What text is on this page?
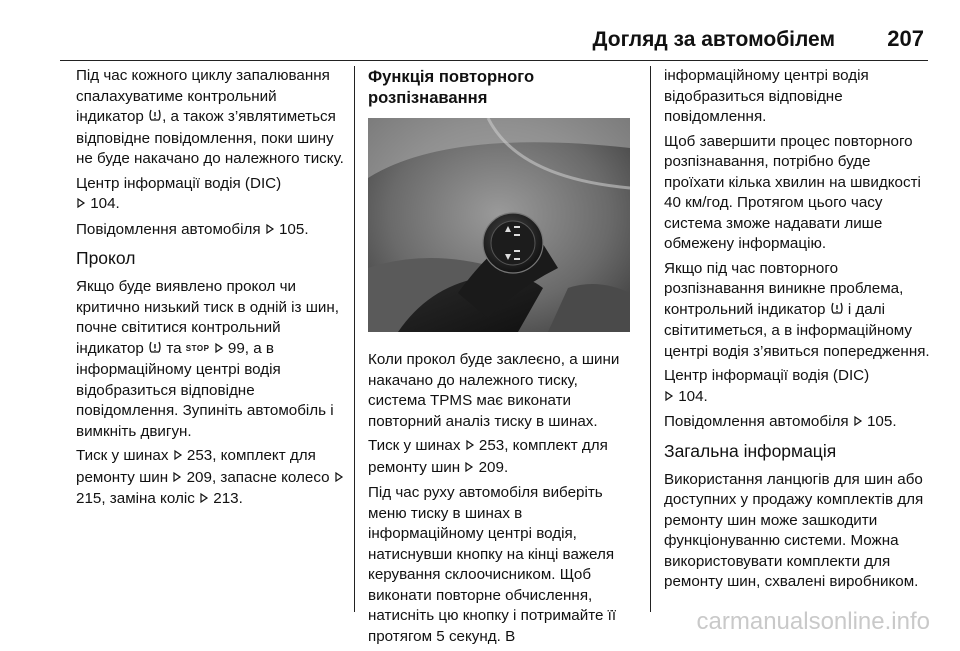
Догляд за автомобілем 207

Під час кожного циклу запалювання спалахуватиме контрольний індикатор , а також з’являтиметься відповідне повідомлення, поки шину не буде накачано до належного тиску.

Центр інформації водія (DIC)
104.

Повідомлення автомобіля  105.

Прокол

Якщо буде виявлено прокол чи критично низький тиск в одній із шин, почне світитися контрольний індикатор  та STOP  99, а в інформаційному центрі водія відобразиться відповідне повідомлення. Зупиніть автомобіль і вимкніть двигун.

Тиск у шинах  253, комплект для ремонту шин  209, запасне колесо  215, заміна коліс  213.

Функція повторного розпізнавання

Коли прокол буде заклеєно, а шини накачано до належного тиску, система TPMS має виконати повторний аналіз тиску в шинах.

Тиск у шинах  253, комплект для ремонту шин  209.

Під час руху автомобіля виберіть меню тиску в шинах в інформаційному центрі водія, натиснувши кнопку на кінці важеля керування склоочисником. Щоб виконати повторне обчислення, натисніть цю кнопку і потримайте її протягом 5 секунд. В

інформаційному центрі водія відобразиться відповідне повідомлення.

Щоб завершити процес повторного розпізнавання, потрібно буде проїхати кілька хвилин на швидкості 40 км/год. Протягом цього часу система зможе надавати лише обмежену інформацію.

Якщо під час повторного розпізнавання виникне проблема, контрольний індикатор  і далі світитиметься, а в інформаційному центрі водія з’явиться попередження.

Центр інформації водія (DIC)
104.

Повідомлення автомобіля  105.

Загальна інформація

Використання ланцюгів для шин або доступних у продажу комплектів для ремонту шин може зашкодити функціонуванню системи. Можна використовувати комплекти для ремонту шин, схвалені виробником.

carmanualsonline.info
